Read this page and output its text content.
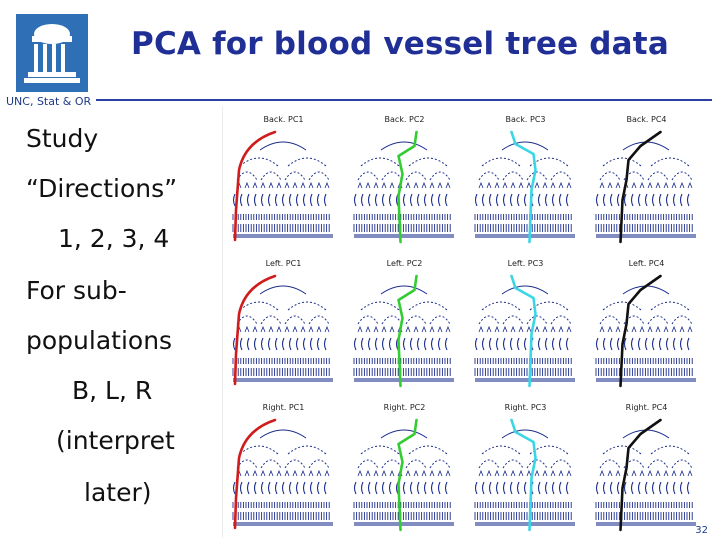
UNC, Stat & OR
PCA for blood vessel tree data
Study
“Directions”
1, 2, 3, 4
For sub-
populations
B, L, R
(interpret
later)
Back. PC1	Back. PC2	Back. PC3	Back. PC4
Left. PC1	Left. PC2	Left. PC3	Left. PC4
Right. PC1	Right. PC2	Right. PC3	Right. PC4
32
